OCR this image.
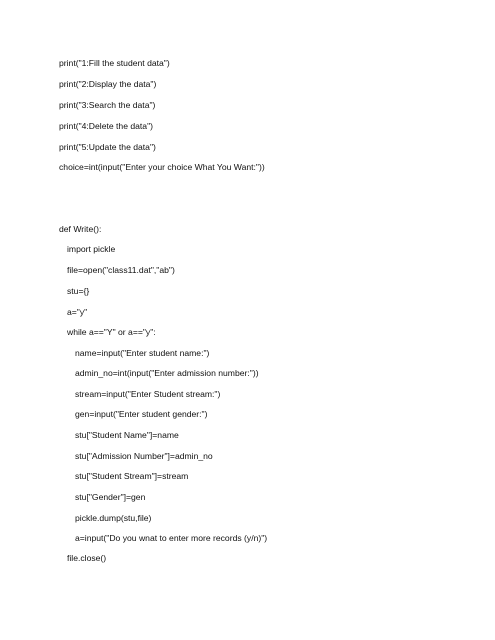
print("1:Fill the student data")
print("2:Display the data")
print("3:Search the data")
print("4:Delete the data")
print("5:Update the data")
choice=int(input("Enter your choice What You Want:"))
def Write():
import pickle
file=open("class11.dat","ab")
stu={}
a="y"
while a=="Y" or a=="y":
name=input("Enter student name:")
admin_no=int(input("Enter admission number:"))
stream=input("Enter Student stream:")
gen=input("Enter student gender:")
stu["Student Name"]=name
stu["Admission Number"]=admin_no
stu["Student Stream"]=stream
stu["Gender"]=gen
pickle.dump(stu,file)
a=input("Do you wnat to enter more records (y/n)")
file.close()
